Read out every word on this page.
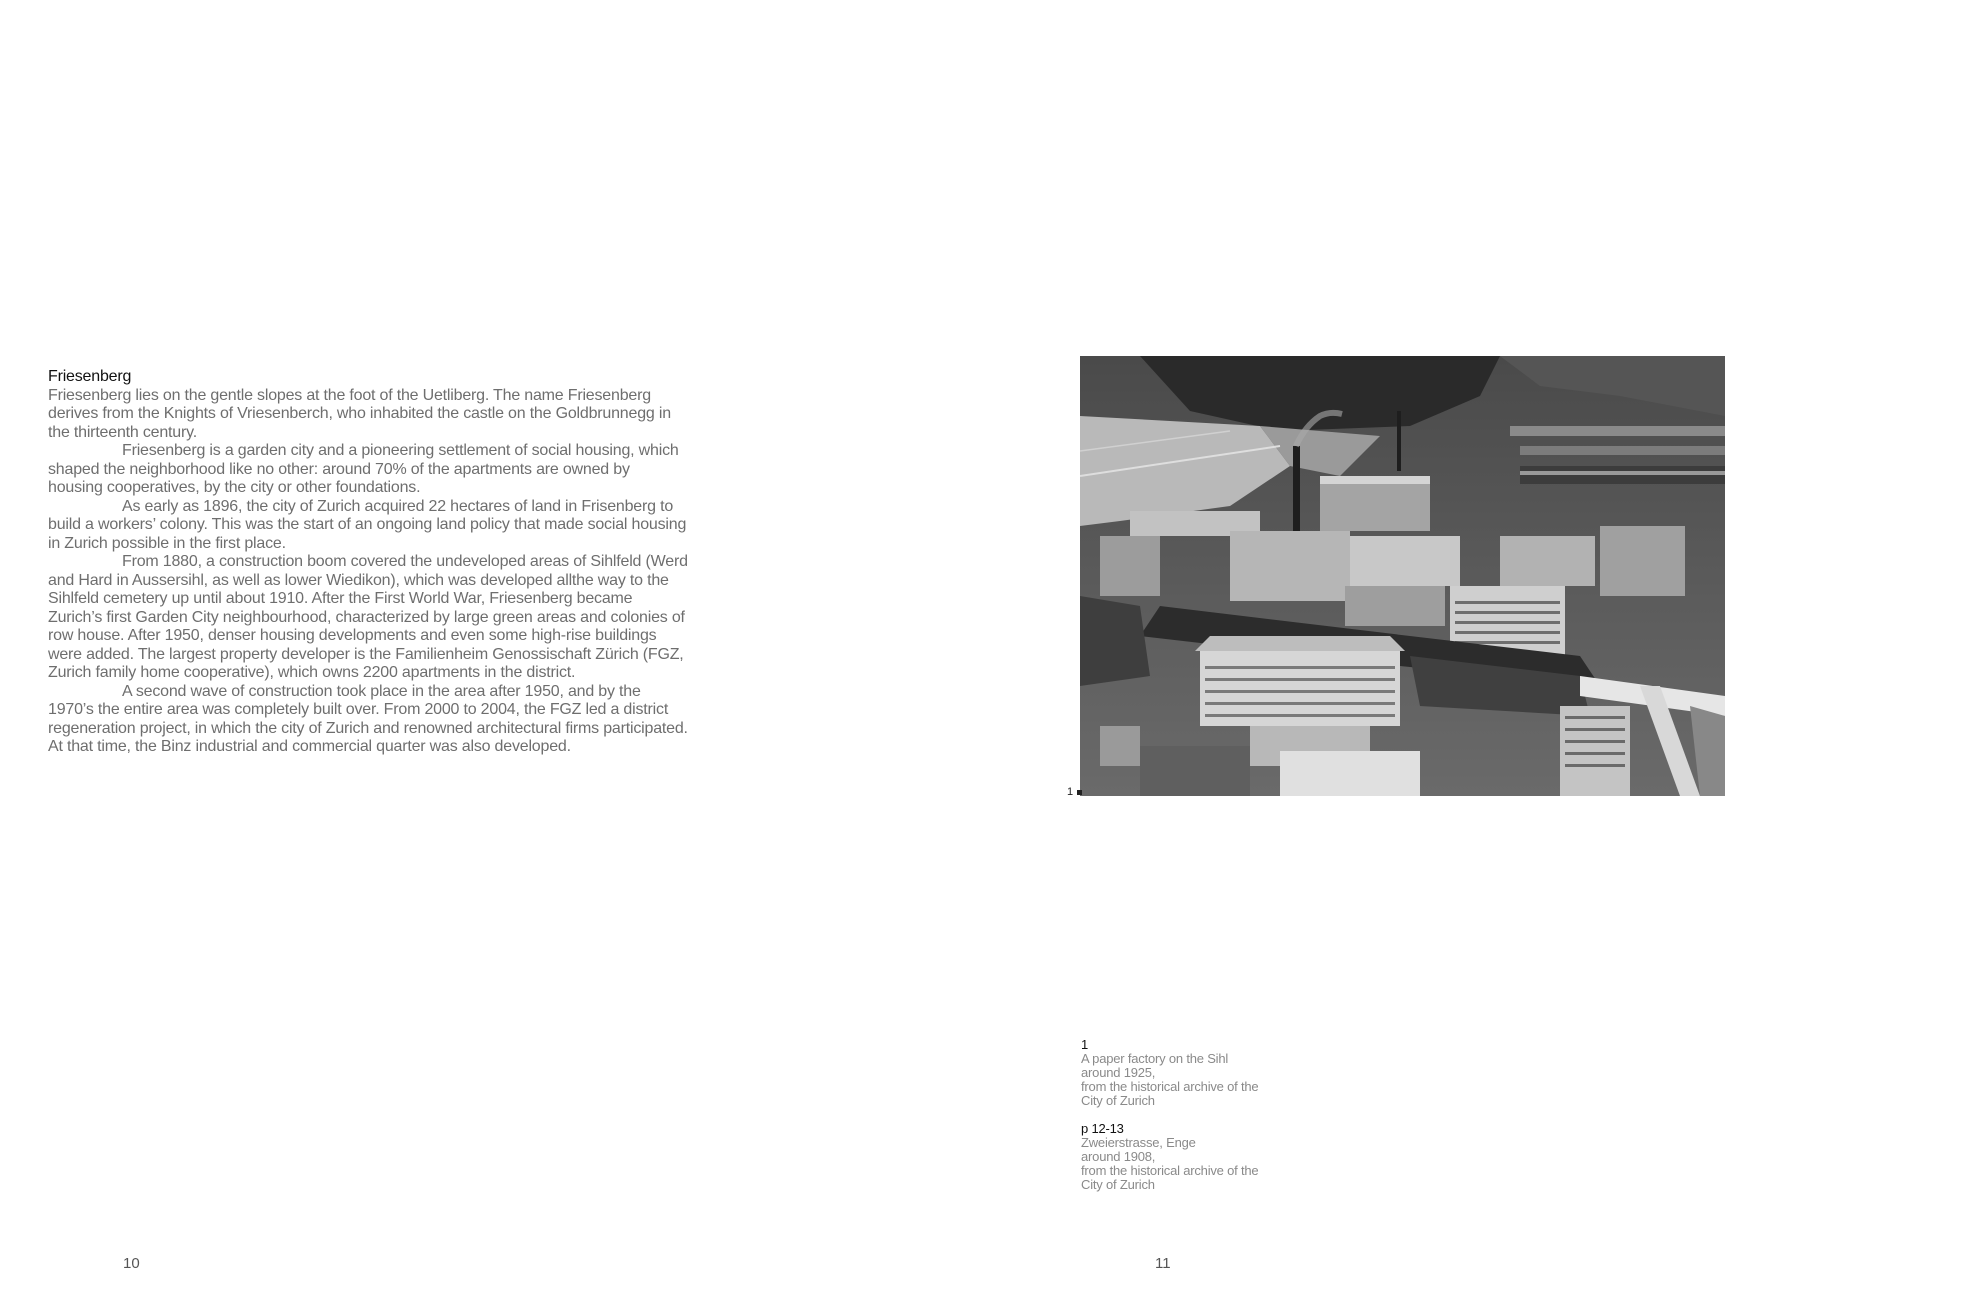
Friesenberg

Friesenberg lies on the gentle slopes at the foot of the Uetliberg. The name Friesenberg derives from the Knights of Vriesenberch, who inhabited the castle on the Goldbrunnegg in the thirteenth century.

Friesenberg is a garden city and a pioneering settlement of social housing, which shaped the neighborhood like no other: around 70% of the apartments are owned by housing cooperatives, by the city or other foundations.

As early as 1896, the city of Zurich acquired 22 hectares of land in Frisenberg to build a workers’ colony. This was the start of an ongoing land policy that made social housing in Zurich possible in the first place.

From 1880, a construction boom covered the undeveloped areas of Sihlfeld (Werd and Hard in Aussersihl, as well as lower Wiedikon), which was developed allthe way to the Sihlfeld cemetery up until about 1910. After the First World War, Friesenberg became Zurich’s first Garden City neighbourhood, characterized by large green areas and colonies of row house. After 1950, denser housing developments and even some high-rise buildings were added. The largest property developer is the Familienheim Genossischaft Zürich (FGZ, Zurich family home cooperative), which owns 2200 apartments in the district.

A second wave of construction took place in the area after 1950, and by the 1970’s the entire area was completely built over. From 2000 to 2004, the FGZ led a district regeneration project, in which the city of Zurich and renowned architectural firms participated. At that time, the Binz industrial and commercial quarter was also developed.

10
1
1
A paper factory on the Sihl
around 1925,
from the historical archive of the
City of Zurich
p 12-13
Zweierstrasse, Enge
around 1908,
from the historical archive of the
City of Zurich
11
